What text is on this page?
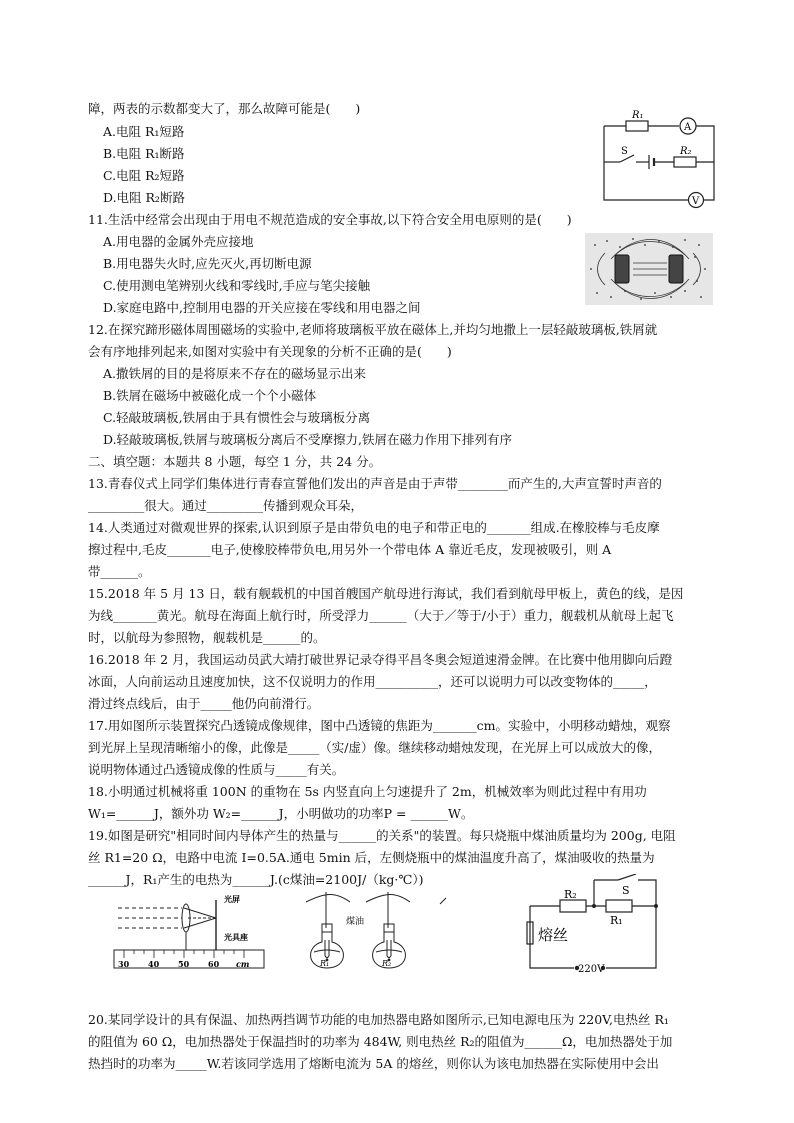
障，两表的示数都变大了，那么故障可能是(　　)
A.电阻 R₁短路
B.电阻 R₁断路
C.电阻 R₂短路
D.电阻 R₂断路
11.生活中经常会出现由于用电不规范造成的安全事故,以下符合安全用电原则的是(　　)
A.用电器的金属外壳应接地
B.用电器失火时,应先灭火,再切断电源
C.使用测电笔辨别火线和零线时,手应与笔尖接触
D.家庭电路中,控制用电器的开关应接在零线和用电器之间
12.在探究蹄形磁体周围磁场的实验中,老师将玻璃板平放在磁体上,并均匀地撒上一层轻敲玻璃板,铁屑就
会有序地排列起来,如图对实验中有关现象的分析不正确的是(　　)
A.撒铁屑的目的是将原来不存在的磁场显示出来
B.铁屑在磁场中被磁化成一个个小磁体
C.轻敲玻璃板,铁屑由于具有惯性会与玻璃板分离
D.轻敲玻璃板,铁屑与玻璃板分离后不受摩擦力,铁屑在磁力作用下排列有序
二、填空题：本题共 8 小题，每空 1 分，共 24 分。
13.青春仪式上同学们集体进行青春宣誓他们发出的声音是由于声带________而产生的,大声宣誓时声音的
_________很大。通过_________传播到观众耳朵，
14.人类通过对微观世界的探索,认识到原子是由带负电的电子和带正电的_______组成.在橡胶棒与毛皮摩
擦过程中,毛皮_______电子,使橡胶棒带负电,用另外一个带电体 A 靠近毛皮，发现被吸引，则 A
带______。
15.2018 年 5 月 13 日，载有舰载机的中国首艘国产航母进行海试，我们看到航母甲板上，黄色的线，是因
为线_______黄光。航母在海面上航行时，所受浮力______（大于／等于/小于）重力，舰载机从航母上起飞
时，以航母为参照物，舰载机是______的。
16.2018 年 2 月，我国运动员武大靖打破世界记录夺得平昌冬奥会短道速滑金牌。在比赛中他用脚向后蹬
冰面，人向前运动且速度加快，这不仅说明力的作用__________，还可以说明力可以改变物体的_____，
滑过终点线后，由于_____他仍向前滑行。
17.用如图所示装置探究凸透镜成像规律，图中凸透镜的焦距为_______cm。实验中，小明移动蜡烛，观察
到光屏上呈现清晰缩小的像，此像是_____（实/虚）像。继续移动蜡烛发现，在光屏上可以成放大的像，
说明物体通过凸透镜成像的性质与_____有关。
18.小明通过机械将重 100N 的重物在 5s 内竖直向上匀速提升了 2m，机械效率为则此过程中有用功
W₁=______J，额外功 W₂=______J，小明做功的功率P = ______W。
19.如图是研究"相同时间内导体产生的热量与______的关系"的装置。每只烧瓶中煤油质量均为 200g, 电阻
丝 R1=20 Ω，电路中电流 I=0.5A.通电 5min 后，左侧烧瓶中的煤油温度升高了，煤油吸收的热量为
______J，R₁产生的电热为______J.(c煤油=2100J/（kg·℃）)
20.某同学设计的具有保温、加热两挡调节功能的电加热器电路如图所示,已知电源电压为 220V,电热丝 R₁
的阻值为 60 Ω，电加热器处于保温挡时的功率为 484W, 则电热丝 R₂的阻值为______Ω，电加热器处于加
热挡时的功率为_____W.若该同学选用了熔断电流为 5A 的熔丝，则你认为该电加热器在实际使用中会出
R₁
A
S	R₂
V
光屏
光具座
30 40 50 60 cm
煤油
R₁	R₂
S
R₂
R₁
熔丝
220V
